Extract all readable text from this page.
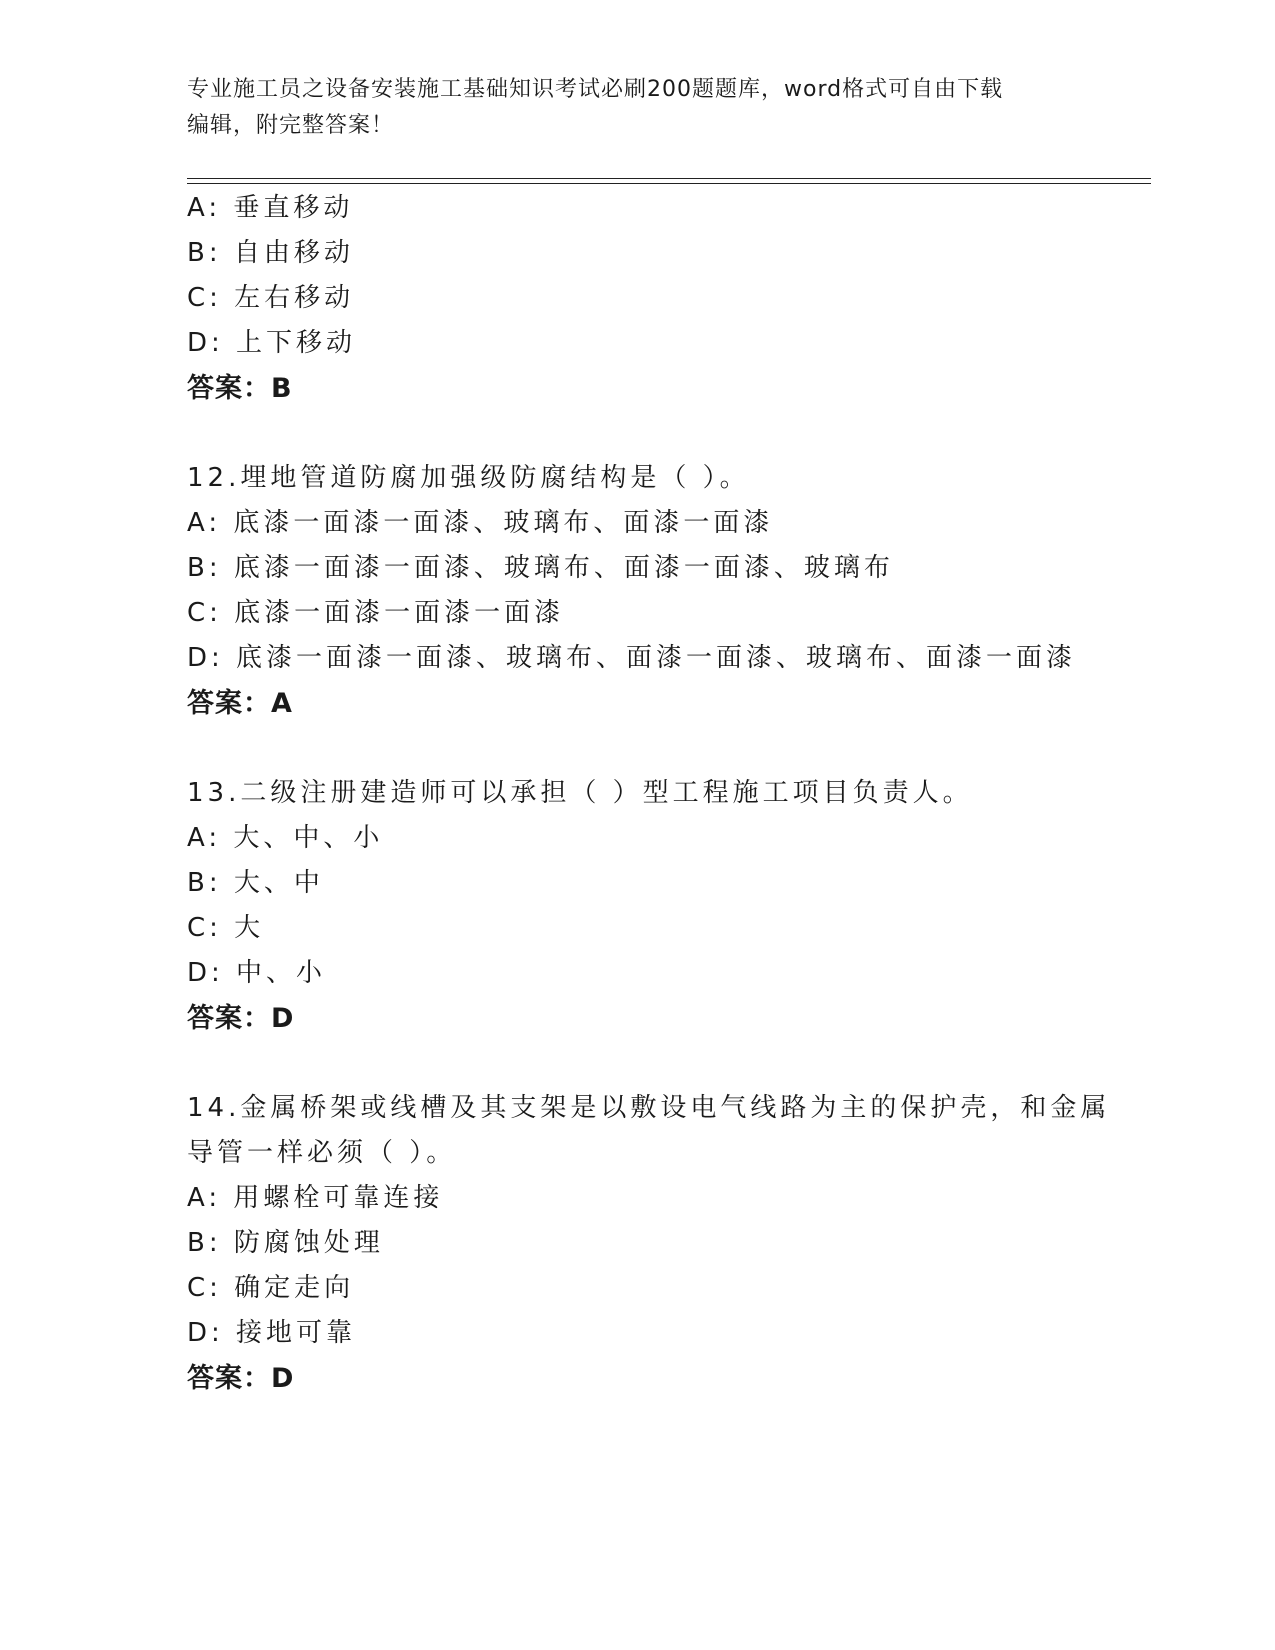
专业施工员之设备安装施工基础知识考试必刷200题题库，word格式可自由下载
编辑，附完整答案！
A: 垂直移动
B: 自由移动
C: 左右移动
D: 上下移动
答案：B
12.埋地管道防腐加强级防腐结构是（ ）。
A: 底漆一面漆一面漆、玻璃布、面漆一面漆
B: 底漆一面漆一面漆、玻璃布、面漆一面漆、玻璃布
C: 底漆一面漆一面漆一面漆
D: 底漆一面漆一面漆、玻璃布、面漆一面漆、玻璃布、面漆一面漆
答案：A
13.二级注册建造师可以承担（ ）型工程施工项目负责人。
A: 大、中、小
B: 大、中
C: 大
D: 中、小
答案：D
14.金属桥架或线槽及其支架是以敷设电气线路为主的保护壳，和金属
导管一样必须（ ）。
A: 用螺栓可靠连接
B: 防腐蚀处理
C: 确定走向
D: 接地可靠
答案：D
